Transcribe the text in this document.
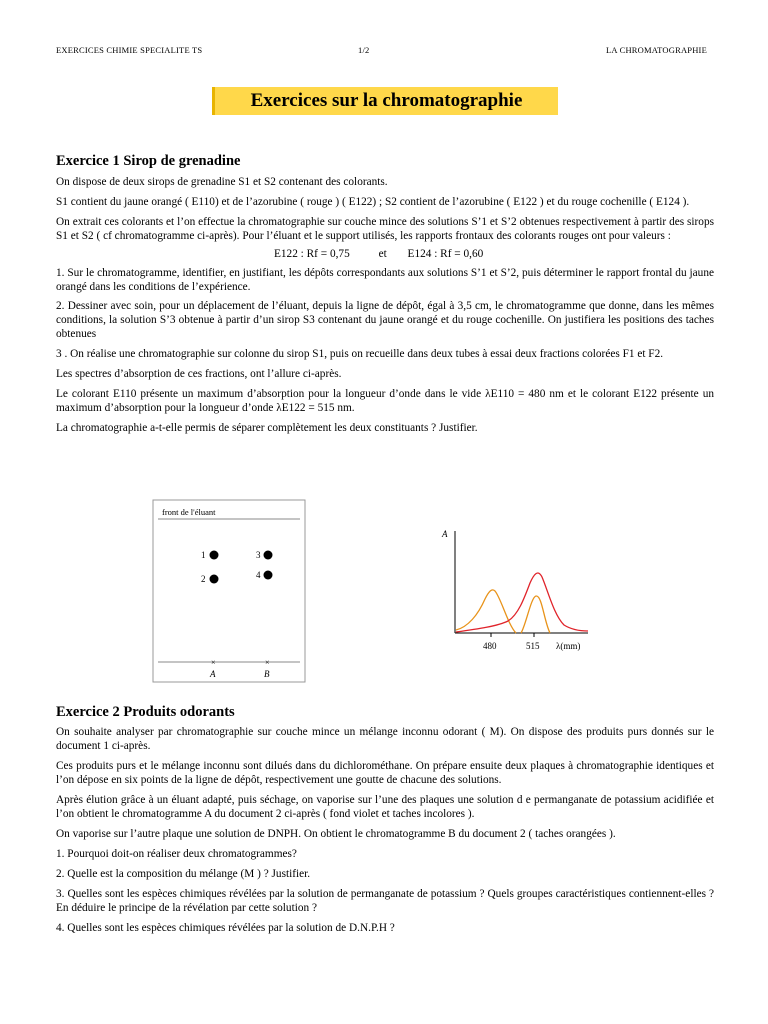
EXERCICES CHIMIE SPECIALITE TS	1/2	LA CHROMATOGRAPHIE
Exercices sur la chromatographie
Exercice 1 Sirop de grenadine

On dispose de deux sirops de grenadine S1 et S2 contenant des colorants.

S1 contient du jaune orangé ( E110) et de l’azorubine ( rouge ) ( E122) ; S2 contient de l’azorubine ( E122 ) et du rouge cochenille ( E124 ).

On extrait ces colorants et l’on effectue la chromatographie sur couche mince des solutions S’1 et S’2 obtenues respectivement à partir des sirops S1 et S2 ( cf chromatogramme ci-après). Pour l’éluant et le support utilisés, les rapports frontaux des colorants rouges ont pour valeurs :

E122 : Rf = 0,75	et E124 : Rf = 0,60

1. Sur le chromatogramme, identifier, en justifiant, les dépôts correspondants aux solutions S’1 et S’2, puis déterminer le rapport frontal du jaune orangé dans les conditions de l’expérience.

2. Dessiner avec soin, pour un déplacement de l’éluant, depuis la ligne de dépôt, égal à 3,5 cm, le chromatogramme que donne, dans les mêmes conditions, la solution S’3 obtenue à partir d’un sirop S3 contenant du jaune orangé et du rouge cochenille. On justifiera les positions des taches obtenues

3 . On réalise une chromatographie sur colonne du sirop S1, puis on recueille dans deux tubes à essai deux fractions colorées F1 et F2.

Les spectres d’absorption de ces fractions, ont l’allure ci-après.

Le colorant E110 présente un maximum d’absorption pour la longueur d’onde dans le vide λE110 = 480 nm et le colorant E122 présente un maximum d’absorption pour la longueur d’onde λE122 = 515 nm.

La chromatographie a-t-elle permis de séparer complètement les deux constituants ? Justifier.

front de l'éluant
1
2
3
4
×	×
A	B
A
480	515 λ(mm)
Exercice 2 Produits odorants

On souhaite analyser par chromatographie sur couche mince un mélange inconnu odorant ( M). On dispose des produits purs donnés sur le document 1 ci-après.

Ces produits purs et le mélange inconnu sont dilués dans du dichlorométhane. On prépare ensuite deux plaques à chromatographie identiques et l’on dépose en six points de la ligne de dépôt, respectivement une goutte de chacune des solutions.

Après élution grâce à un éluant adapté, puis séchage, on vaporise sur l’une des plaques une solution d e permanganate de potassium acidifiée et l’on obtient le chromatogramme A du document 2 ci-après ( fond violet et taches incolores ).

On vaporise sur l’autre plaque une solution de DNPH. On obtient le chromatogramme B du document 2 ( taches orangées ).

1. Pourquoi doit-on réaliser deux chromatogrammes?

2. Quelle est la composition du mélange (M ) ? Justifier.

3. Quelles sont les espèces chimiques révélées par la solution de permanganate de potassium ? Quels groupes caractéristiques contiennent-elles ? En déduire le principe de la révélation par cette solution ?

4. Quelles sont les espèces chimiques révélées par la solution de D.N.P.H ?
